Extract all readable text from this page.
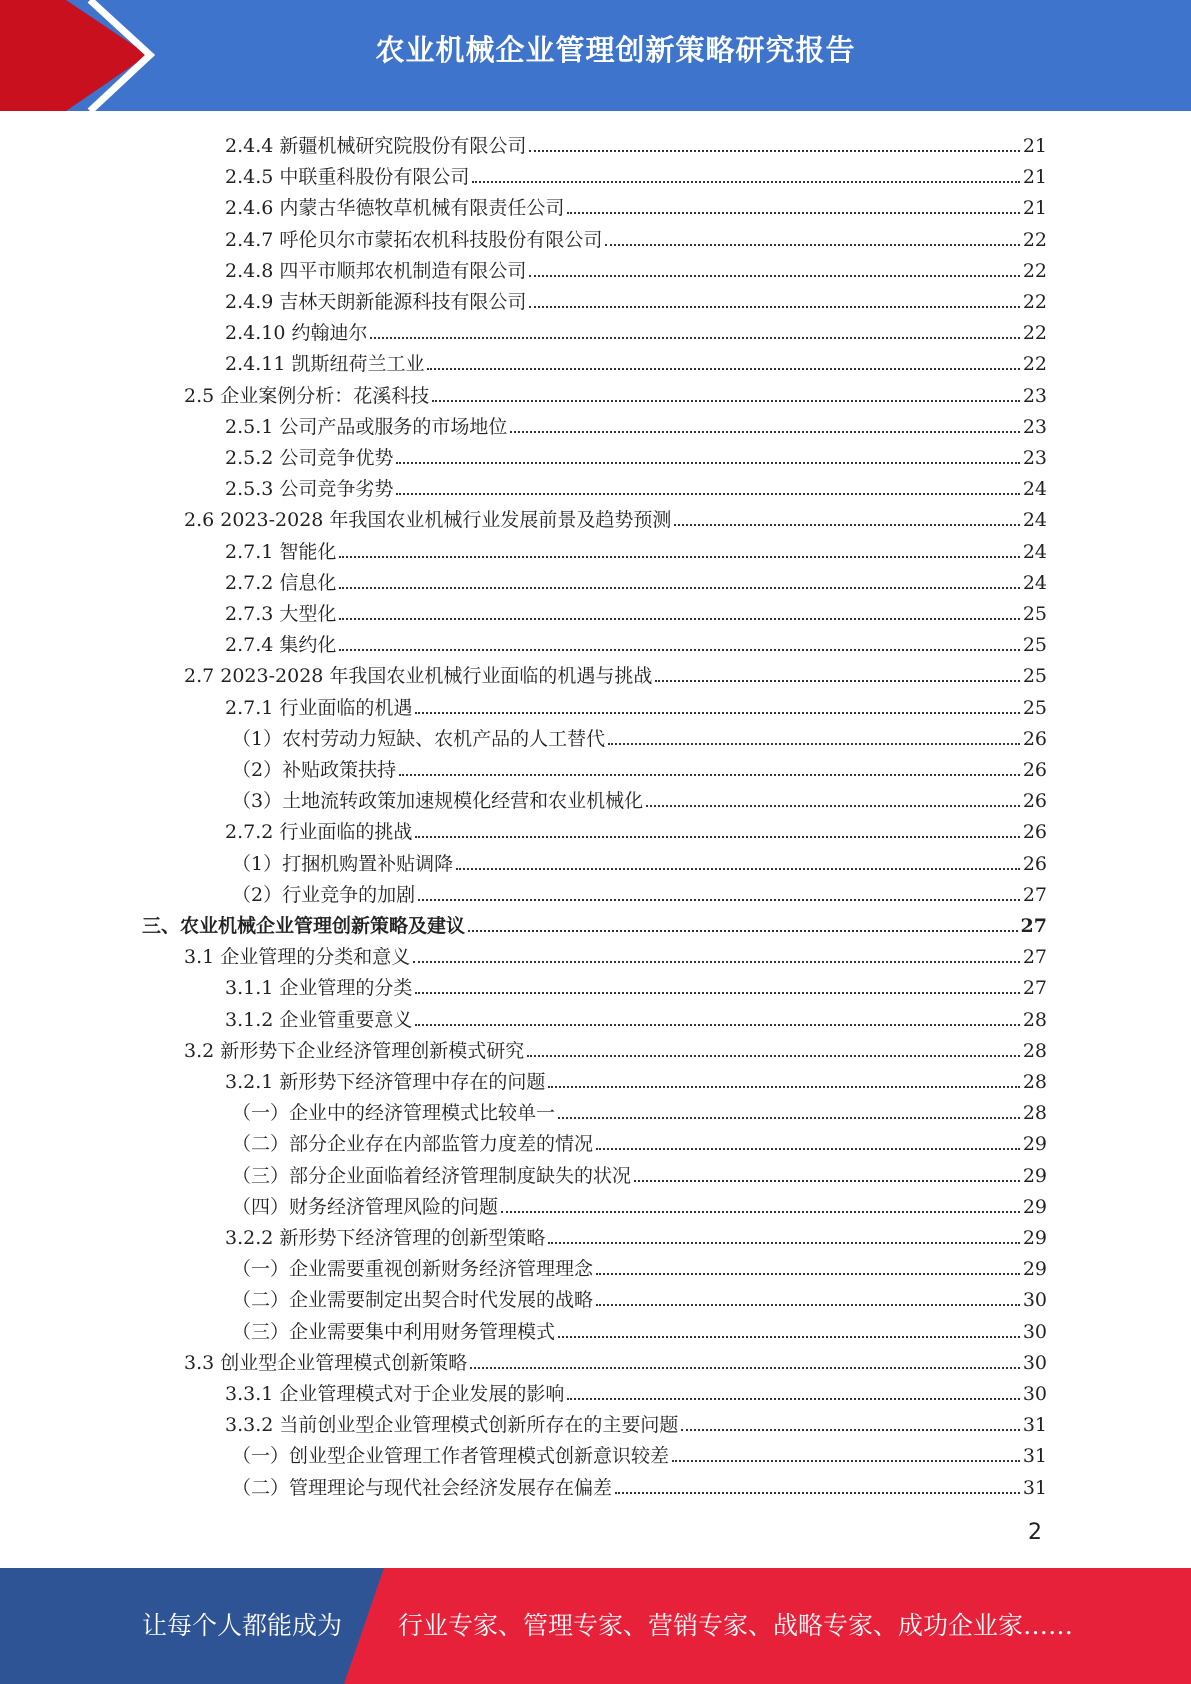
农业机械企业管理创新策略研究报告
2.4.4 新疆机械研究院股份有限公司	21
2.4.5 中联重科股份有限公司	21
2.4.6 内蒙古华德牧草机械有限责任公司	21
2.4.7 呼伦贝尔市蒙拓农机科技股份有限公司	22
2.4.8 四平市顺邦农机制造有限公司	22
2.4.9 吉林天朗新能源科技有限公司	22
2.4.10 约翰迪尔	22
2.4.11 凯斯纽荷兰工业	22
2.5 企业案例分析：花溪科技	23
2.5.1 公司产品或服务的市场地位	23
2.5.2 公司竞争优势	23
2.5.3 公司竞争劣势	24
2.6 2023-2028 年我国农业机械行业发展前景及趋势预测	24
2.7.1 智能化	24
2.7.2 信息化	24
2.7.3 大型化	25
2.7.4 集约化	25
2.7 2023-2028 年我国农业机械行业面临的机遇与挑战	25
2.7.1 行业面临的机遇	25
（1）农村劳动力短缺、农机产品的人工替代	26
（2）补贴政策扶持	26
（3）土地流转政策加速规模化经营和农业机械化	26
2.7.2 行业面临的挑战	26
（1）打捆机购置补贴调降	26
（2）行业竞争的加剧	27
三、农业机械企业管理创新策略及建议	27
3.1 企业管理的分类和意义	27
3.1.1 企业管理的分类	27
3.1.2 企业管重要意义	28
3.2 新形势下企业经济管理创新模式研究	28
3.2.1 新形势下经济管理中存在的问题	28
（一）企业中的经济管理模式比较单一	28
（二）部分企业存在内部监管力度差的情况	29
（三）部分企业面临着经济管理制度缺失的状况	29
（四）财务经济管理风险的问题	29
3.2.2 新形势下经济管理的创新型策略	29
（一）企业需要重视创新财务经济管理理念	29
（二）企业需要制定出契合时代发展的战略	30
（三）企业需要集中利用财务管理模式	30
3.3 创业型企业管理模式创新策略	30
3.3.1 企业管理模式对于企业发展的影响	30
3.3.2 当前创业型企业管理模式创新所存在的主要问题	31
（一）创业型企业管理工作者管理模式创新意识较差	31
（二）管理理论与现代社会经济发展存在偏差	31
2
让每个人都能成为 行业专家、管理专家、营销专家、战略专家、成功企业家……
